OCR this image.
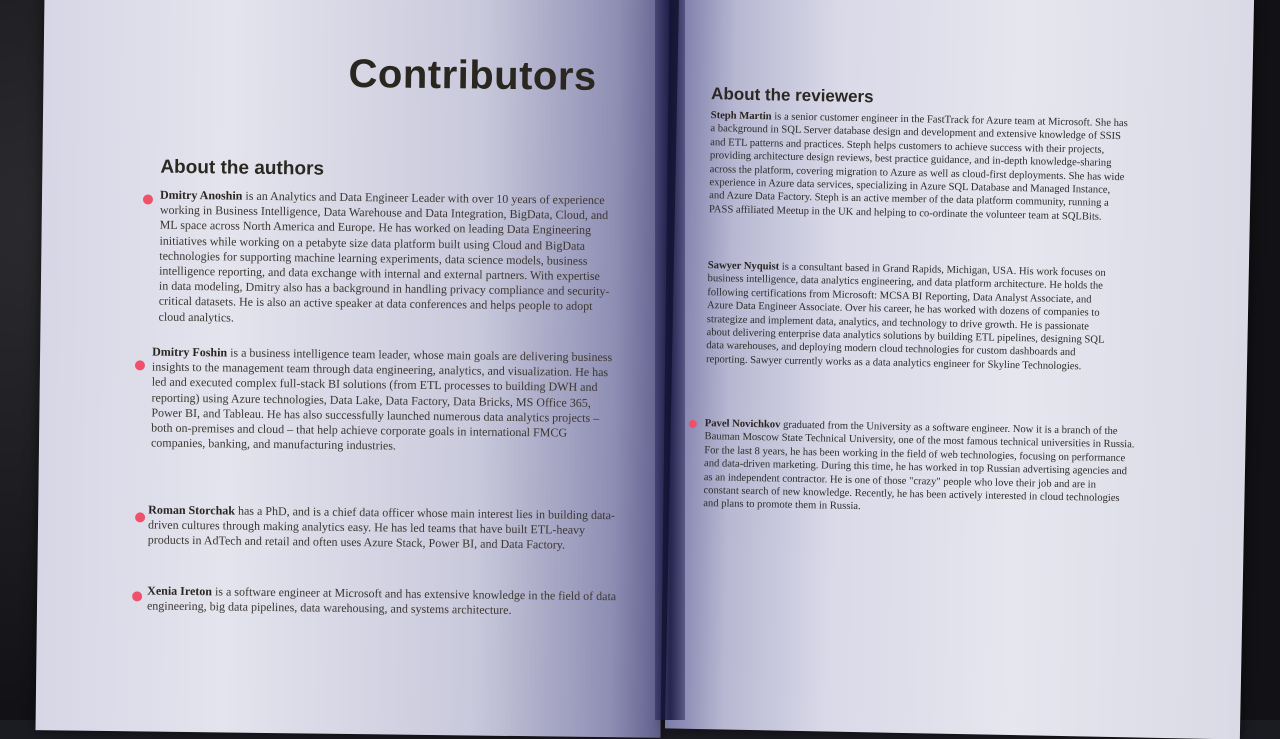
Contributors
About the authors

Dmitry Anoshin is an Analytics and Data Engineer Leader with over 10 years of experience working in Business Intelligence, Data Warehouse and Data Integration, BigData, Cloud, and ML space across North America and Europe. He has worked on leading Data Engineering initiatives while working on a petabyte size data platform built using Cloud and BigData technologies for supporting machine learning experiments, data science models, business intelligence reporting, and data exchange with internal and external partners. With expertise in data modeling, Dmitry also has a background in handling privacy compliance and security-critical datasets. He is also an active speaker at data conferences and helps people to adopt cloud analytics.

Dmitry Foshin is a business intelligence team leader, whose main goals are delivering business insights to the management team through data engineering, analytics, and visualization. He has led and executed complex full-stack BI solutions (from ETL processes to building DWH and reporting) using Azure technologies, Data Lake, Data Factory, Data Bricks, MS Office 365, Power BI, and Tableau. He has also successfully launched numerous data analytics projects – both on-premises and cloud – that help achieve corporate goals in international FMCG companies, banking, and manufacturing industries.

Roman Storchak has a PhD, and is a chief data officer whose main interest lies in building data-driven cultures through making analytics easy. He has led teams that have built ETL-heavy products in AdTech and retail and often uses Azure Stack, Power BI, and Data Factory.

Xenia Ireton is a software engineer at Microsoft and has extensive knowledge in the field of data engineering, big data pipelines, data warehousing, and systems architecture.

About the reviewers

Steph Martin is a senior customer engineer in the FastTrack for Azure team at Microsoft. She has a background in SQL Server database design and development and extensive knowledge of SSIS and ETL patterns and practices. Steph helps customers to achieve success with their projects, providing architecture design reviews, best practice guidance, and in-depth knowledge-sharing across the platform, covering migration to Azure as well as cloud-first deployments. She has wide experience in Azure data services, specializing in Azure SQL Database and Managed Instance, and Azure Data Factory. Steph is an active member of the data platform community, running a PASS affiliated Meetup in the UK and helping to co-ordinate the volunteer team at SQLBits.

Sawyer Nyquist is a consultant based in Grand Rapids, Michigan, USA. His work focuses on business intelligence, data analytics engineering, and data platform architecture. He holds the following certifications from Microsoft: MCSA BI Reporting, Data Analyst Associate, and Azure Data Engineer Associate. Over his career, he has worked with dozens of companies to strategize and implement data, analytics, and technology to drive growth. He is passionate about delivering enterprise data analytics solutions by building ETL pipelines, designing SQL data warehouses, and deploying modern cloud technologies for custom dashboards and reporting. Sawyer currently works as a data analytics engineer for Skyline Technologies.

Pavel Novichkov graduated from the University as a software engineer. Now it is a branch of the Bauman Moscow State Technical University, one of the most famous technical universities in Russia. For the last 8 years, he has been working in the field of web technologies, focusing on performance and data-driven marketing. During this time, he has worked in top Russian advertising agencies and as an independent contractor. He is one of those "crazy" people who love their job and are in constant search of new knowledge. Recently, he has been actively interested in cloud technologies and plans to promote them in Russia.
